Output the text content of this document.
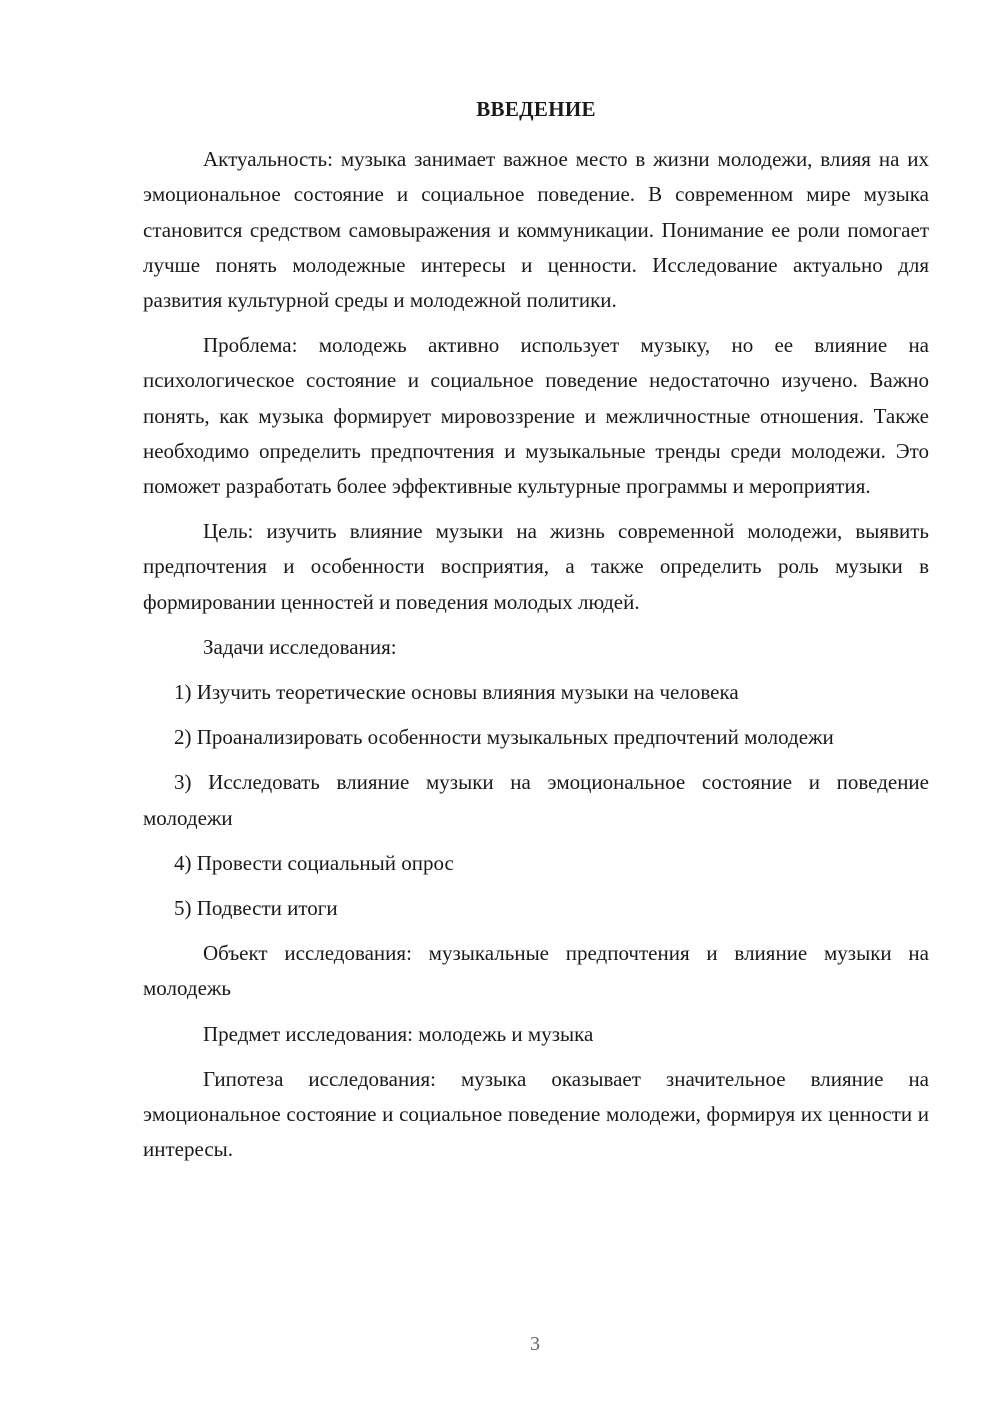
ВВЕДЕНИЕ

Актуальность: музыка занимает важное место в жизни молодежи, влияя на их эмоциональное состояние и социальное поведение. В современном мире музыка становится средством самовыражения и коммуникации. Понимание ее роли помогает лучше понять молодежные интересы и ценности. Исследование актуально для развития культурной среды и молодежной политики.

Проблема: молодежь активно использует музыку, но ее влияние на психологическое состояние и социальное поведение недостаточно изучено. Важно понять, как музыка формирует мировоззрение и межличностные отношения. Также необходимо определить предпочтения и музыкальные тренды среди молодежи. Это поможет разработать более эффективные культурные программы и мероприятия.

Цель: изучить влияние музыки на жизнь современной молодежи, выявить предпочтения и особенности восприятия, а также определить роль музыки в формировании ценностей и поведения молодых людей.

Задачи исследования:

1) Изучить теоретические основы влияния музыки на человека

2) Проанализировать особенности музыкальных предпочтений молодежи

3) Исследовать влияние музыки на эмоциональное состояние и поведение молодежи

4) Провести социальный опрос

5) Подвести итоги

Объект исследования: музыкальные предпочтения и влияние музыки на молодежь

Предмет исследования: молодежь и музыка

Гипотеза исследования: музыка оказывает значительное влияние на эмоциональное состояние и социальное поведение молодежи, формируя их ценности и интересы.

3
